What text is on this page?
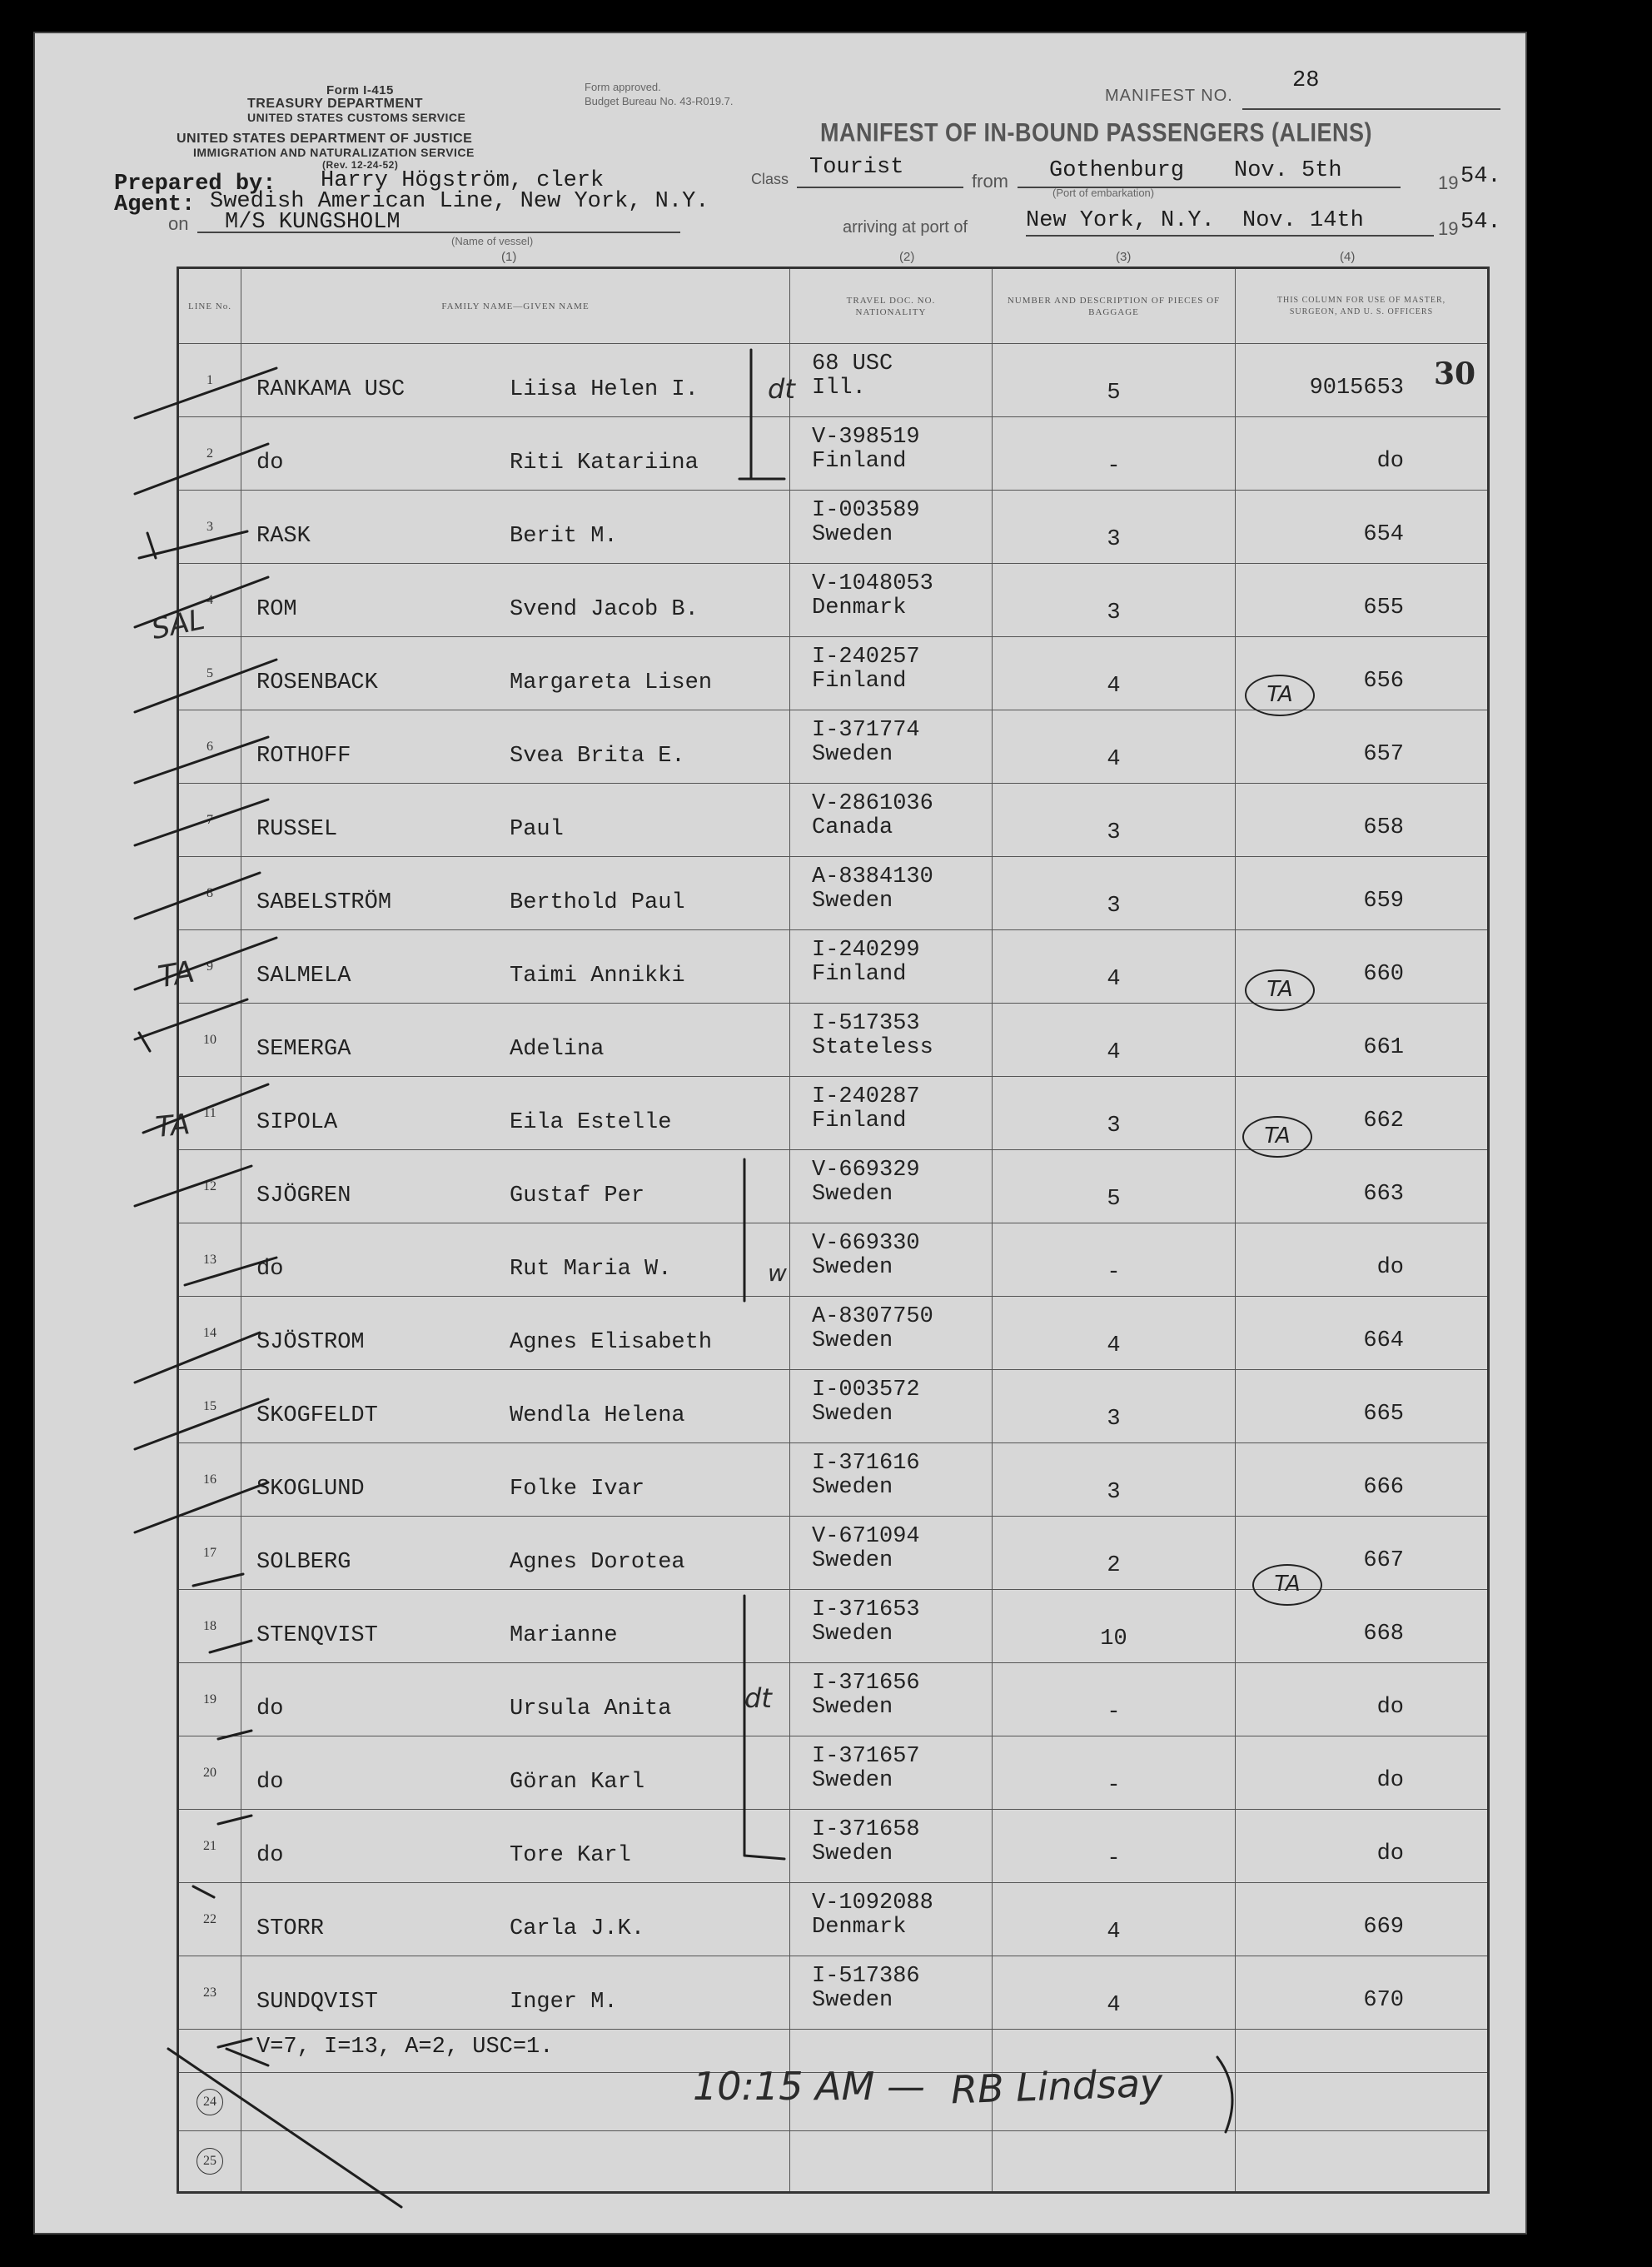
Form I-415
TREASURY DEPARTMENT
UNITED STATES CUSTOMS SERVICE
UNITED STATES DEPARTMENT OF JUSTICE
IMMIGRATION AND NATURALIZATION SERVICE
(Rev. 12-24-52)
Form approved.
Budget Bureau No. 43-R019.7.	MANIFEST NO.
28
MANIFEST OF IN-BOUND PASSENGERS (ALIENS)
Prepared by: Harry Högström, clerk
Agent: Swedish American Line, New York, N.Y.
on M/S KUNGSHOLM
(Name of vessel)
Class Tourist
from Gothenburg Nov. 5th
(Port of embarkation)	19 54.
arriving at port of	New York, N.Y. Nov. 14th	19 54.
(1)	(2)	(3)	(4)
LINE No.	FAMILY NAME—GIVEN NAME	TRAVEL DOC. NO. NATIONALITY	NUMBER AND DESCRIPTION OF PIECES OF BAGGAGE	THIS COLUMN FOR USE OF MASTER, SURGEON, AND U. S. OFFICERS
1	RANKAMA USC Liisa Helen I.	68 USC
Ill.	5	9015653

2	do Riti Katariina	V-398519
Finland	-	do

3	RASK Berit M.	I-003589
Sweden	3	654

4	ROM Svend Jacob B.	V-1048053
Denmark	3	655

5	ROSENBACK Margareta Lisen	I-240257
Finland	4	656

6	ROTHOFF Svea Brita E.	I-371774
Sweden	4	657

7	RUSSEL Paul	V-2861036
Canada	3	658

8	SABELSTRÖM Berthold Paul	A-8384130
Sweden	3	659

9	SALMELA Taimi Annikki	I-240299
Finland	4	660

10	SEMERGA Adelina	I-517353
Stateless	4	661

11	SIPOLA Eila Estelle	I-240287
Finland	3	662

12	SJÖGREN Gustaf Per	V-669329
Sweden	5	663

13	do Rut Maria W.	V-669330
Sweden	-	do

14	SJÖSTROM Agnes Elisabeth	A-8307750
Sweden	4	664

15	SKOGFELDT Wendla Helena	I-003572
Sweden	3	665

16	SKOGLUND Folke Ivar	I-371616
Sweden	3	666

17	SOLBERG Agnes Dorotea	V-671094
Sweden	2	667

18	STENQVIST Marianne	I-371653
Sweden	10	668

19	do Ursula Anita	I-371656
Sweden	-	do

20	do Göran Karl	I-371657
Sweden	-	do

21	do Tore Karl	I-371658
Sweden	-	do

22	STORR Carla J.K.	V-1092088
Denmark	4	669

23	SUNDQVIST Inger M.	I-517386
Sweden	4	670

	V=7, I=13, A=2, USC=1.			

24				
25				
30
SAL
TA
TA
dt
w
dt
10:15 AM — RB Lindsay
TA
TA
TA
TA
